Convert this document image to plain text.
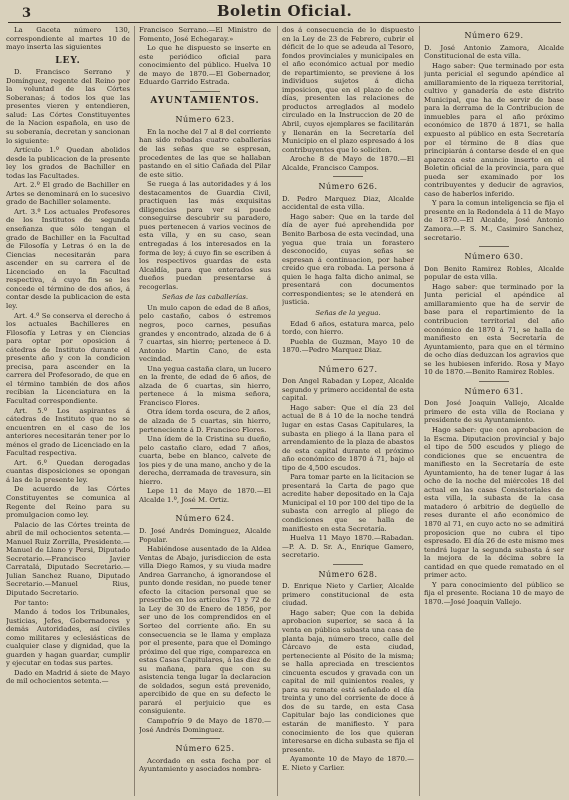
3	Boletin Oficial.

La Gaceta número 130, correspondiente al martes 10 de mayo inserta las siguientes

LEY.

D. Francisco Serrano y Domínguez, regente del Reino por la voluntad de las Córtes Soberanas; á todos los que las presentes vieren y entendieren, salud: Las Córtes Constituyentes de la Nacion española, en uso de su soberanía, decretan y sancionan lo siguiente:

Artículo 1.º Quedan abolidos desde la publicacion de la presente ley los grados de Bachiller en todas las Facultades.

Art. 2.º El grado de Bachiller en Artes se denominará en lo sucesivo grado de Bachiller solamente.

Art. 3.º Los actuales Profesores de los Institutos de segunda enseñanza que sólo tengan el grado de Bachiller en la Facultad de Filosofía y Letras ó en la de Ciencias necesitarán para ascender en su carrera el de Licenciado en la Facultad respectiva, á cuyo fin se les concede el término de dos años, á contar desde la publicacion de esta ley.

Art. 4.º Se conserva el derecho á los actuales Bachilleres en Filosofía y Letras y en Ciencias para optar por oposicion á cátedras de Instituto durante el presente año y con la condicion precisa, para ascender en la carrera del Profesorado, de que en el término también de dos años recibian la Licenciatura en la Facultad correspondiente.

Art. 5.º Los aspirantes á cátedras de Instituto que no se encuentren en el caso de los anteriores necesitarán tener por lo ménos el grado de Licenciado en la Facultad respectiva.

Art. 6.º Quedan derogadas cuantas disposiciones se opongan á las de la presente ley.

De acuerdo de las Córtes Constituyentes se comunica al Regente del Reino para su promulgacion como ley.

Palacio de las Córtes treinta de abril de mil ochocientos setenta.—Manuel Ruiz Zorrilla, Presidente.—Manuel de Llano y Persi, Diputado Secretario.—Francisco Javier Carratalá, Diputado Secretario.—Julian Sanchez Ruano, Diputado Secretario.—Manuel Rius, Diputado Secretario.

Por tanto:

Mando á todos los Tribunales, Justicias, Jefes, Gobernadores y demás Autoridades, así civiles como militares y eclesiásticas de cualquier clase y dignidad, que la guarden y hagan guardar, cumplir y ejecutar en todas sus partes.

Dado en Madrid á siete de Mayo de mil ochocientos setenta.—

Francisco Serrano.—El Ministro de Fomento, José Echegaray.»

Lo que he dispuesto se inserte en este periódico oficial para conocimiento del público. Huelva 10 de mayo de 1870.—El Gobernador, Eduardo Garrido Estrada.

AYUNTAMIENTOS.
Número 623.

En la noche del 7 al 8 del corriente han sido robadas cuatro caballerías de las señas que se espresan, procedentes de las que se hallaban pastando en el sitio Cañada del Pilar de este sitio.

Se ruega á las autoridades y á los destacamentos de Guardia Civil, practiquen las más exquisitas diligencias para ver si puede conseguirse descubrir su paradero, pues pertenecen á varios vecinos de esta villa, y en su caso, sean entregadas á los interesados en la forma de ley; á cuyo fin se escriben á los respectivos guardas de esta Alcaldía, para que enterados sus dueños puedan presentarse á recogerlas.

Señas de las caballerías.

Un mulo capon de edad de 8 años, pelo castaño, cabos ó estremos negros, poco carnes, pesuñas grandes y encontrado, alzada de 6 á 7 cuartas, sin hierro; pertenece á D. Antonio Martin Cano, de esta vecindad.

Una yegua castaña clara, un lucero en la frente, de edad de 6 años, de alzada de 6 cuartas, sin hierro, pertenece á la misma señora, Francisco Flores.

Otra ídem torda oscura, de 2 años, de alzada de 5 cuartas, sin hierro, perteneciente á D. Francisco Flores.

Una ídem de la Cristina su dueño, pelo castaño claro, edad 7 años, cuarta, bebe en blanco, calvete de los pies y de una mano, ancho y de la derecha, derramada de travesura, sin hierro.

Lepe 11 de Mayo de 1870.—El Alcalde 1.º, José M. Ortiz.

Número 624.

D. José Andrés Dominguez, Alcalde Popular.

Habiéndose ausentado de la Aldea Ventas de Abajo, jurisdiccion de esta villa Diego Ramos, y su viuda madre Andrea Garrancho, á ignorandose el punto donde residan, no puede tener efecto la citacion personal que se prescribe en los artículos 71 y 72 de la Ley de 30 de Enero de 1856, por ser uno de los comprendidos en el Sorteo del corriente año. En su consecuencia se le llama y emplaza por el presente, para que el Domingo próximo del que rige, comparezca en estas Casas Capitulares, á las diez de su mañana, para que con su asistencia tenga lugar la declaracion de soldados, segun está prevenido, apercibido de que en su defecto le parará el perjuicio que es consiguiente.

Campofrío 9 de Mayo de 1870.—José Andrés Dominguez.

Número 625.

Acordado en esta fecha por el Ayuntamiento y asociados nombra-

dos á consecuencia de lo dispuesto en la Ley de 23 de Febrero, cubrir el déficit de lo que se adeuda al Tesoro, fondos provinciales y municipales en el año económico actual por medio de repartimiento, se previene á los individuos sujetos á dicha imposicion, que en el plazo de ocho días, presenten las relaciones de productos arreglados al modelo circulado en la Instruccion de 20 de Abril, cuyos ejemplares se facilitarán y llenarán en la Secretaría del Municipio en el plazo espresado á los contribuyentes que lo soliciten.

Aroche 8 de Mayo de 1870.—El Alcalde, Francisco Campos.

Número 626.

D. Pedro Marquez Diaz, Alcalde accidental de esta villa.

Hago saber: Que en la tarde del día de ayer fué aprehendida por Benito Barbosa de esta vecindad, una yegua que traia un forastero desconocido, cuyas señas se espresan á continuacion, por haber creido que era robada. La persona á quien le haga falta dicho animal, se presentará con documentos correspondientes; se le atenderá en justicia.

Señas de la yegua.

Edad 6 años, estatura marca, pelo tordo, con hierro.

Puebla de Guzman, Mayo 10 de 1870.—Pedro Marquez Diaz.

Número 627.

Don Angel Rabadan y Lopez, Alcalde segundo y primero accidental de esta capital.

Hago saber: Que el día 23 del actual de 8 á 10 de la noche tendrá lugar en estas Casas Capitulares, la subasta en pliego á la llana para el arrendamiento de la plaza de abastos de esta capital durante el próximo año económico de 1870 á 71, bajo el tipo de 4,500 escudos.

Para tomar parte en la licitacion se presentará la Carta de pago que acredite haber depositado en la Caja Municipal el 10 por 100 del tipo de la subasta con arreglo al pliego de condiciones que se halla de manifiesto en esta Secretaría.

Huelva 11 Mayo 1870.—Rabadan.—P. A. D. Sr. A., Enrique Gamero, secretario.

Número 628.

D. Enrique Nieto y Carlier, Alcalde primero constitucional de esta ciudad.

Hago saber; Que con la debida aprobacion superior, se saca á la venta en pública subasta una casa de planta baja, número treco, calle del Cárcavo de esta ciudad, perteneciente al Pósito de la misma; se halla apreciada en trescientos cincuenta escudos y gravada con un capital de mil quinientos reales, y para su remate está señalado el día treinta y uno del corriente de doce á dos de su tarde, en esta Casa Capitular bajo las condiciones que estarán de manifiesto. Y para conocimiento de los que quieran interesarse en dicha subasta se fija el presente.

Ayamonte 10 de Mayo de 1870.—E. Nieto y Carlier.

Número 629.

D. José Antonio Zamora, Alcalde Constitucional de esta villa.

Hago saber: Que terminado por esta junta pericial el segundo apéndice al amillaramiento de la riqueza territorial, cultivo y ganadería de este distrito Municipal, que ha de servir de base para la derrama de la Contribucion de inmuebles para el año próximo económico de 1870 á 1871, se halla expuesto al público en esta Secretaría por el término de 8 días que principiarán á contarse desde el en que aparezca este anuncio inserto en el Boletin oficial de la provincia, para que pueda ser examinado por los contribuyentes y deducir de agravios, caso de haberlos inferido.

Y para la comun inteligencia se fija el presente en la Redondela á 11 de Mayo de 1870.—El Alcalde, José Antonio Zamora.—P. S. M., Casimiro Sanchez, secretario.

Número 630.

Don Benito Ramirez Robles, Alcalde popular de esta villa.

Hago saber: que terminado por la Junta pericial el apéndice al amillaramiento que ha de servir de base para el repartimiento de la contribucion territorial del año económico de 1870 á 71, se halla de manifiesto en esta Secretaría de Ayuntamiento, para que en el término de ocho días deduzcan los agravios que se les hubiesen inferido. Rosa y Mayo 10 de 1870.—Benito Ramirez Robles.

Número 631.

Don José Joaquin Vallejo, Alcalde primero de esta villa de Rociana y presidente de su Ayuntamiento.

Hago saber: que con aprobacion de la Escma. Diputacion provincial y bajo el tipo de 500 escudos y pliego de condiciones que se encuentra de manifiesto en la Secretaría de este Ayuntamiento, ha de tener lugar á las ocho de la noche del miércoles 18 del actual en las casas Consistoriales de esta villa, la subasta de la casa matadero ó arbitrio de degüello de reses durante el año económico de 1870 al 71, en cuyo acto no se admitirá proposicion que no cubra el tipo espresado. El día 26 de este mismo mes tendrá lugar la segunda subasta á ser la mejora de la décima sobre la cantidad en que quede rematado en el primer acto.

Y para conocimiento del público se fija el presente. Rociana 10 de mayo de 1870.—José Joaquin Vallejo.
